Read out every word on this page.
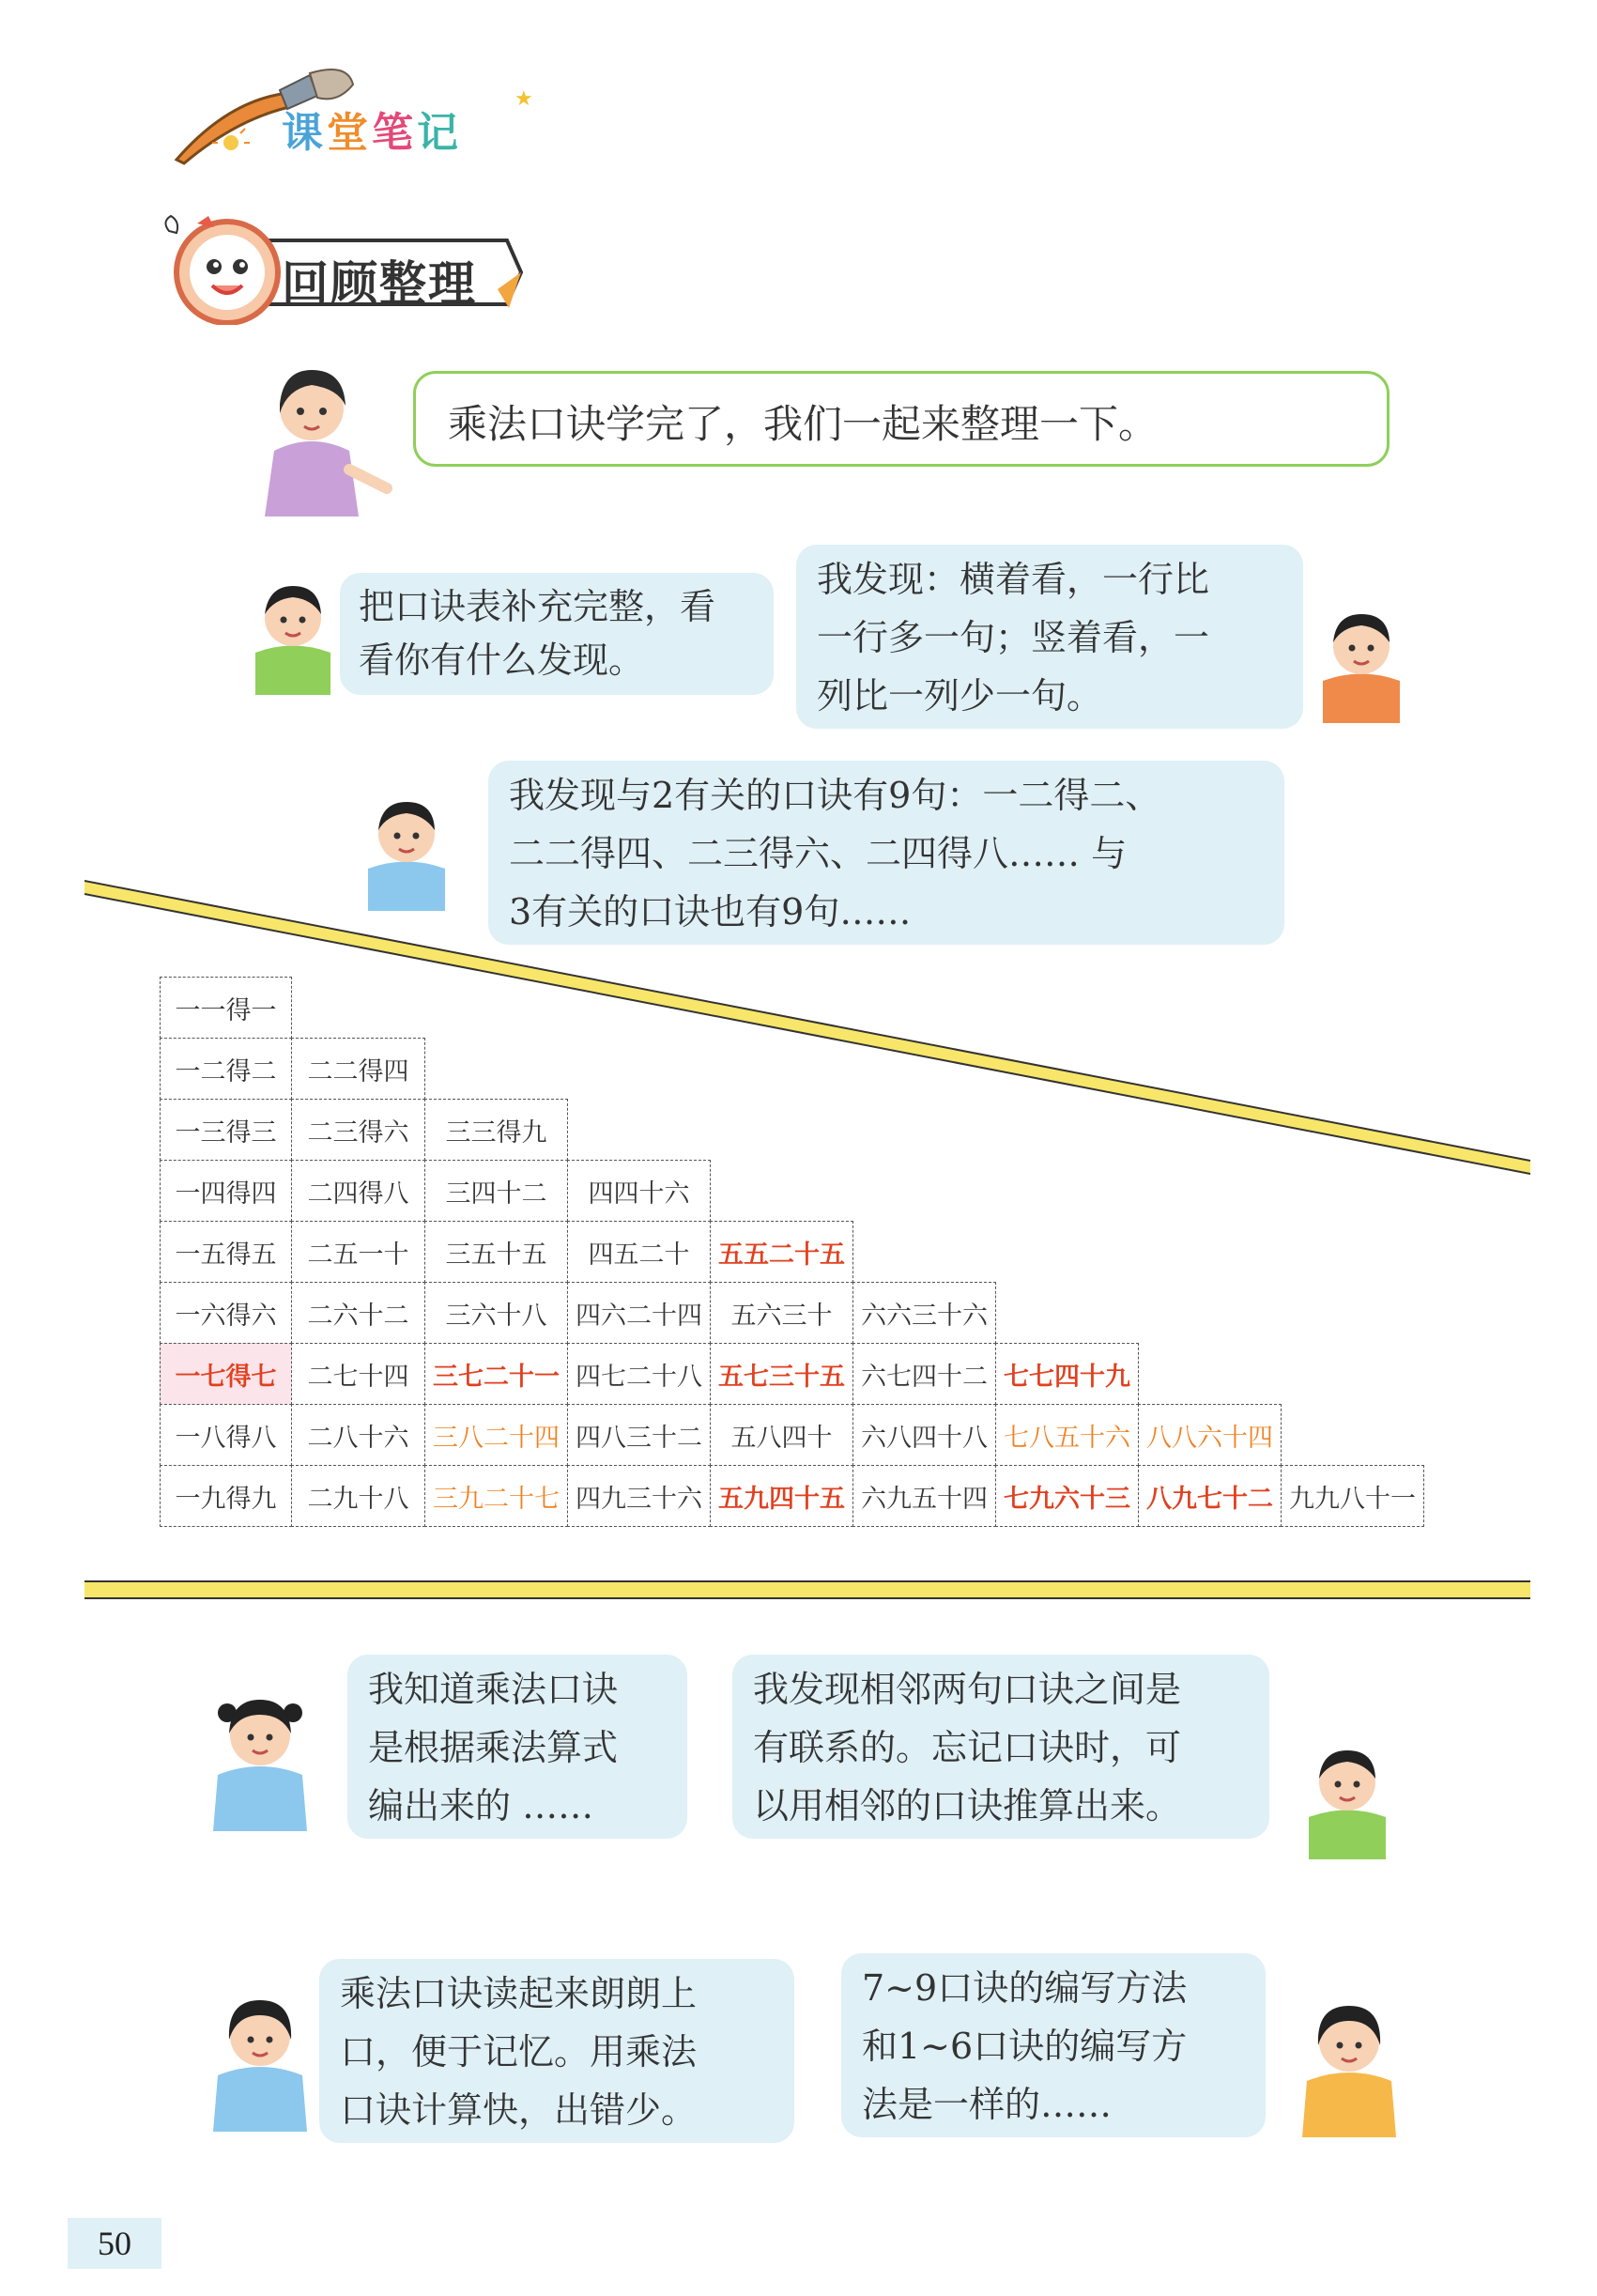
★
课堂笔记
回顾整理
乘法口诀学完了，我们一起来整理一下。
把口诀表补充完整，看
看你有什么发现。
我发现：横着看，一行比
一行多一句；竖着看，一
列比一列少一句。
我发现与2有关的口诀有9句：一二得二、
二二得四、二三得六、二四得八…… 与
3有关的口诀也有9句……
一一得一
一二得二	二二得四
一三得三	二三得六	三三得九
一四得四	二四得八	三四十二	四四十六
一五得五	二五一十	三五十五	四五二十	五五二十五
一六得六	二六十二	三六十八	四六二十四	五六三十	六六三十六
一七得七	二七十四 三七二十一 四七二十八 五七三十五 六七四十二 七七四十九
一八得八	二八十六 三八二十四 四八三十二	五八四十	六八四十八 七八五十六 八八六十四
一九得九	二九十八 三九二十七 四九三十六 五九四十五 六九五十四 七九六十三 八九七十二 九九八十一
我知道乘法口诀
是根据乘法算式
编出来的 ……
我发现相邻两句口诀之间是
有联系的。忘记口诀时，可
以用相邻的口诀推算出来。
乘法口诀读起来朗朗上
口，便于记忆。用乘法
口诀计算快，出错少。
7~9口诀的编写方法
和1~6口诀的编写方
法是一样的……
50
